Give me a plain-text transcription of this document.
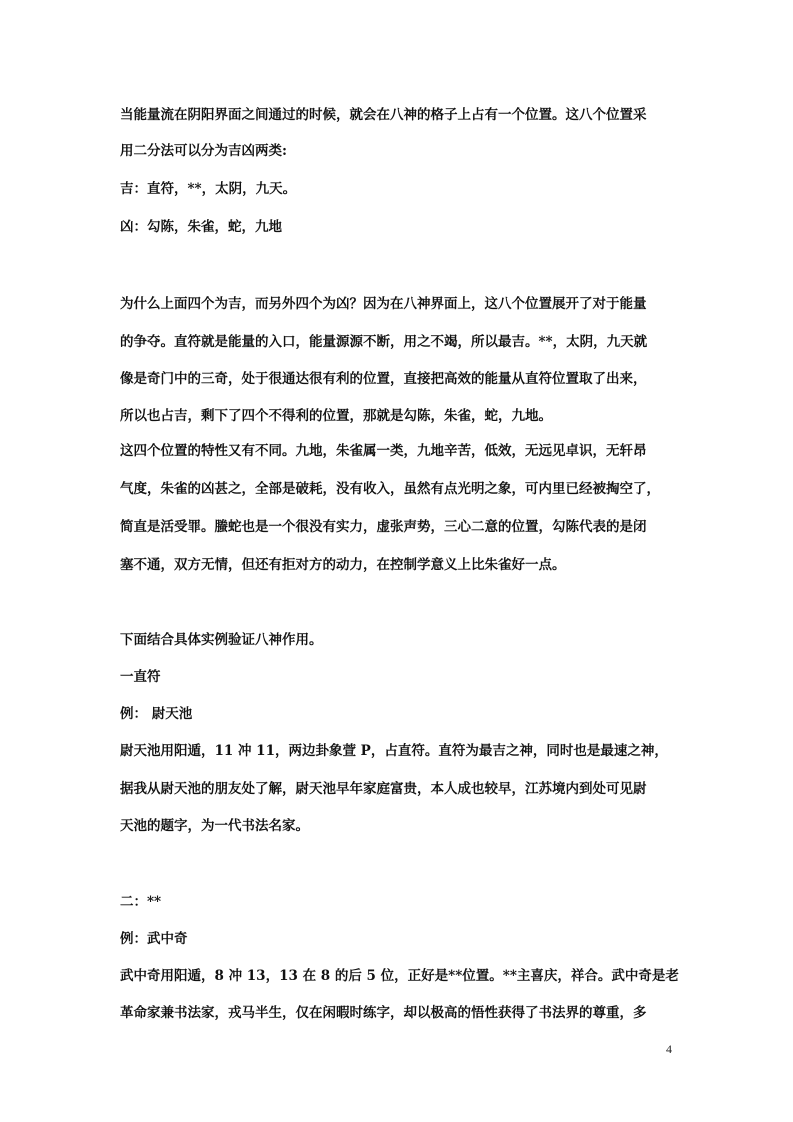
当能量流在阴阳界面之间通过的时候，就会在八神的格子上占有一个位置。这八个位置采
用二分法可以分为吉凶两类:
吉：直符，**，太阴，九天。
凶：勾陈，朱雀，蛇，九地
为什么上面四个为吉，而另外四个为凶？因为在八神界面上，这八个位置展开了对于能量
的争夺。直符就是能量的入口，能量源源不断，用之不竭，所以最吉。**，太阴，九天就
像是奇门中的三奇，处于很通达很有利的位置，直接把高效的能量从直符位置取了出来，
所以也占吉，剩下了四个不得利的位置，那就是勾陈，朱雀，蛇，九地。
这四个位置的特性又有不同。九地，朱雀属一类，九地辛苦，低效，无远见卓识，无轩昂
气度，朱雀的凶甚之，全部是破耗，没有收入，虽然有点光明之象，可内里已经被掏空了，
简直是活受罪。螣蛇也是一个很没有实力，虚张声势，三心二意的位置，勾陈代表的是闭
塞不通，双方无情，但还有拒对方的动力，在控制学意义上比朱雀好一点。
下面结合具体实例验证八神作用。
一直符
例： 尉天池
尉天池用阳遁，11 冲 11，两边卦象萱 P，占直符。直符为最吉之神，同时也是最速之神，
据我从尉天池的朋友处了解，尉天池早年家庭富贵，本人成也较早，江苏境内到处可见尉
天池的题字，为一代书法名家。
二：**
例：武中奇
武中奇用阳遁，8 冲 13，13 在 8 的后 5 位，正好是**位置。**主喜庆，祥合。武中奇是老
革命家兼书法家，戎马半生，仅在闲暇时练字，却以极高的悟性获得了书法界的尊重，多
4
